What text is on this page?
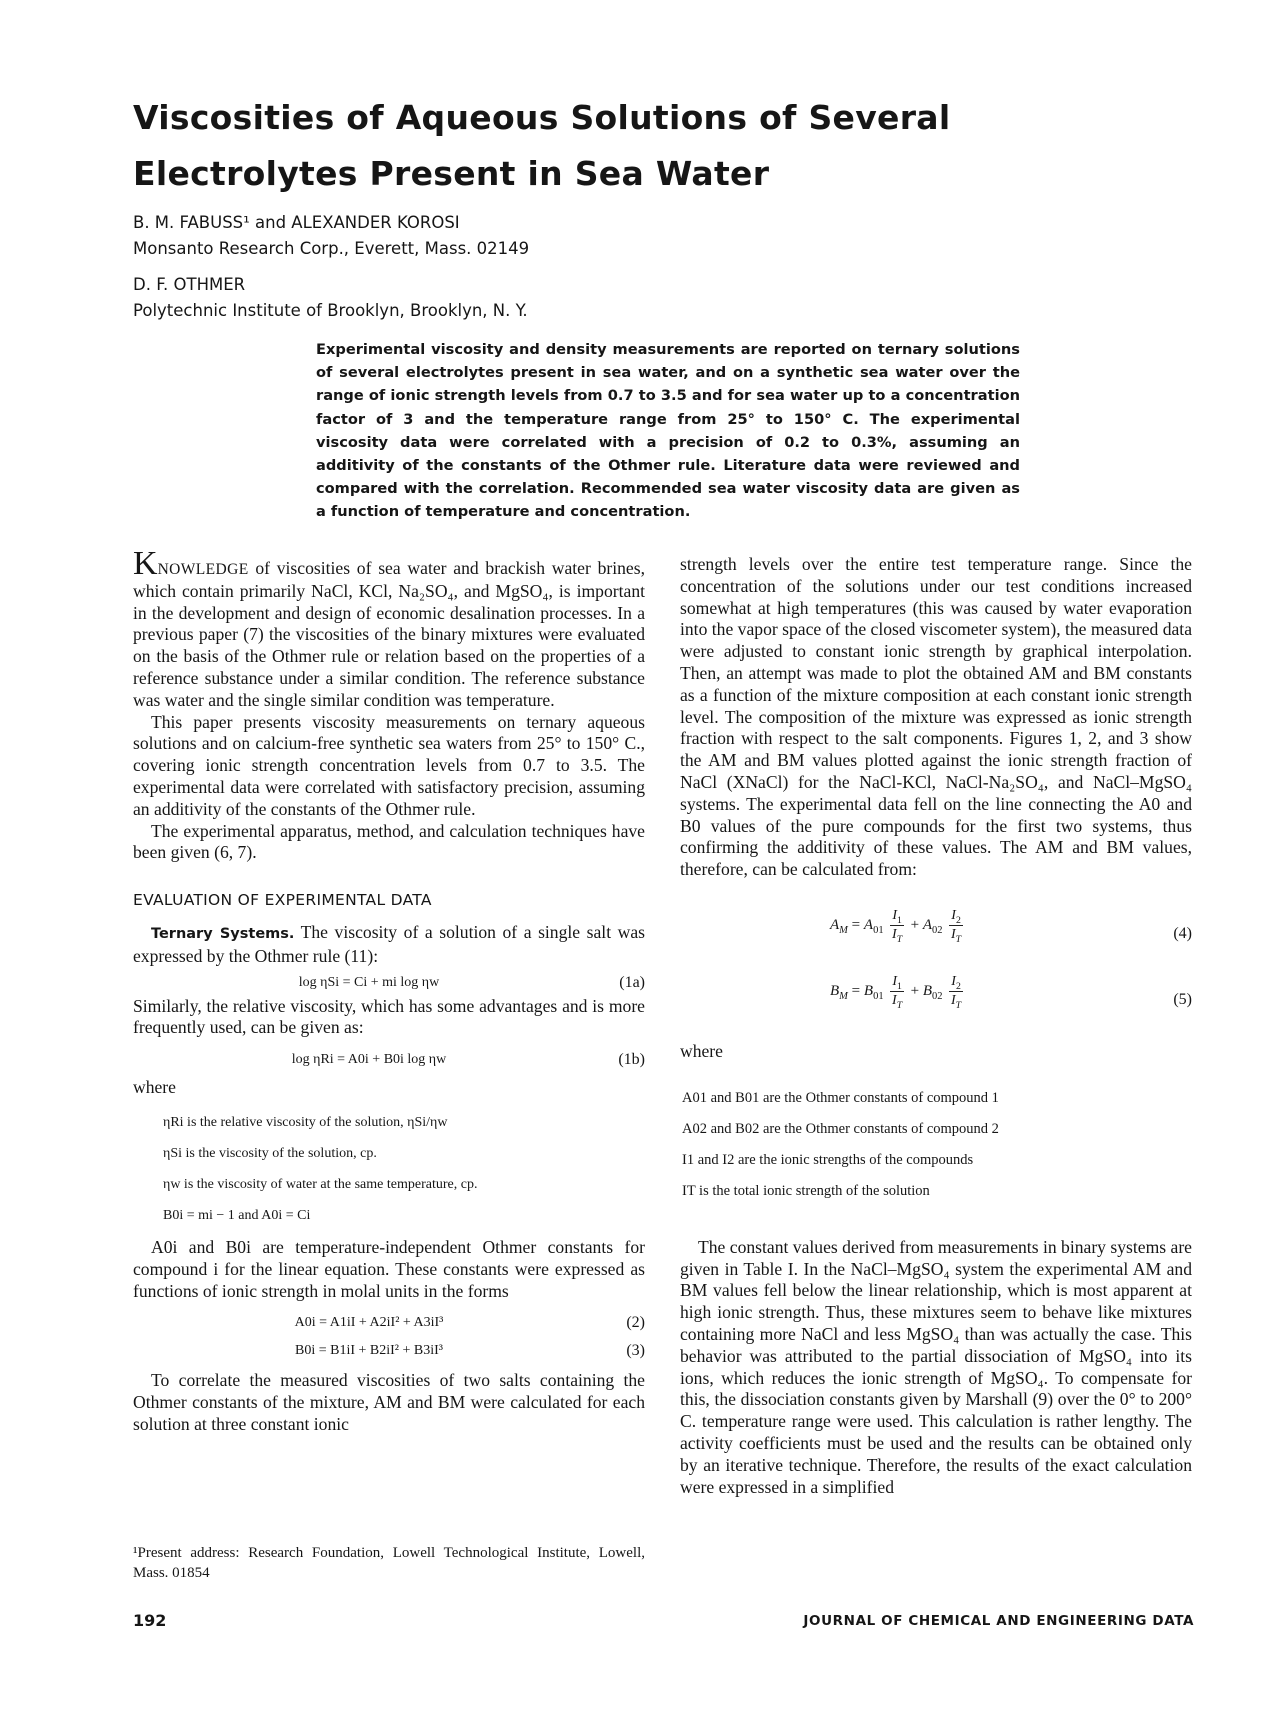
Viscosities of Aqueous Solutions of Several Electrolytes Present in Sea Water
B. M. FABUSS¹ and ALEXANDER KOROSI
Monsanto Research Corp., Everett, Mass. 02149
D. F. OTHMER
Polytechnic Institute of Brooklyn, Brooklyn, N. Y.
Experimental viscosity and density measurements are reported on ternary solutions of several electrolytes present in sea water, and on a synthetic sea water over the range of ionic strength levels from 0.7 to 3.5 and for sea water up to a concentration factor of 3 and the temperature range from 25° to 150° C. The experimental viscosity data were correlated with a precision of 0.2 to 0.3%, assuming an additivity of the constants of the Othmer rule. Literature data were reviewed and compared with the correlation. Recommended sea water viscosity data are given as a function of temperature and concentration.

KNOWLEDGE of viscosities of sea water and brackish water brines, which contain primarily NaCl, KCl, Na₂SO₄, and MgSO₄, is important in the development and design of economic desalination processes. In a previous paper (7) the viscosities of the binary mixtures were evaluated on the basis of the Othmer rule or relation based on the properties of a reference substance under a similar condition. The reference substance was water and the single similar condition was temperature.

This paper presents viscosity measurements on ternary aqueous solutions and on calcium-free synthetic sea waters from 25° to 150° C., covering ionic strength concentration levels from 0.7 to 3.5. The experimental data were correlated with satisfactory precision, assuming an additivity of the constants of the Othmer rule.

The experimental apparatus, method, and calculation techniques have been given (6, 7).

EVALUATION OF EXPERIMENTAL DATA

Ternary Systems. The viscosity of a solution of a single salt was expressed by the Othmer rule (11):

log ηSi = Ci + mi log ηw	(1a)

Similarly, the relative viscosity, which has some advantages and is more frequently used, can be given as:

log ηRi = A0i + B0i log ηw	(1b)

where

ηRi is the relative viscosity of the solution, ηSi/ηw
ηSi is the viscosity of the solution, cp.
ηw is the viscosity of water at the same temperature, cp.
B0i = mi − 1 and A0i = Ci

A0i and B0i are temperature-independent Othmer constants for compound i for the linear equation. These constants were expressed as functions of ionic strength in molal units in the forms

A0i = A1iI + A2iI² + A3iI³	(2)
B0i = B1iI + B2iI² + B3iI³	(3)

To correlate the measured viscosities of two salts containing the Othmer constants of the mixture, AM and BM were calculated for each solution at three constant ionic

strength levels over the entire test temperature range. Since the concentration of the solutions under our test conditions increased somewhat at high temperatures (this was caused by water evaporation into the vapor space of the closed viscometer system), the measured data were adjusted to constant ionic strength by graphical interpolation. Then, an attempt was made to plot the obtained AM and BM constants as a function of the mixture composition at each constant ionic strength level. The composition of the mixture was expressed as ionic strength fraction with respect to the salt components. Figures 1, 2, and 3 show the AM and BM values plotted against the ionic strength fraction of NaCl (XNaCl) for the NaCl-KCl, NaCl-Na₂SO₄, and NaCl–MgSO₄ systems. The experimental data fell on the line connecting the A0 and B0 values of the pure compounds for the first two systems, thus confirming the additivity of these values. The AM and BM values, therefore, can be calculated from:

$A_M = A_{01} \frac{I_1}{I_T} + A_{02} \frac{I_2}{I_T}$	(4)
$B_M = B_{01} \frac{I_1}{I_T} + B_{02} \frac{I_2}{I_T}$	(5)

where

A01 and B01 are the Othmer constants of compound 1
A02 and B02 are the Othmer constants of compound 2
I1 and I2 are the ionic strengths of the compounds
IT is the total ionic strength of the solution

The constant values derived from measurements in binary systems are given in Table I. In the NaCl–MgSO₄ system the experimental AM and BM values fell below the linear relationship, which is most apparent at high ionic strength. Thus, these mixtures seem to behave like mixtures containing more NaCl and less MgSO₄ than was actually the case. This behavior was attributed to the partial dissociation of MgSO₄ into its ions, which reduces the ionic strength of MgSO₄. To compensate for this, the dissociation constants given by Marshall (9) over the 0° to 200° C. temperature range were used. This calculation is rather lengthy. The activity coefficients must be used and the results can be obtained only by an iterative technique. Therefore, the results of the exact calculation were expressed in a simplified

¹Present address: Research Foundation, Lowell Technological Institute, Lowell, Mass. 01854
192	JOURNAL OF CHEMICAL AND ENGINEERING DATA
